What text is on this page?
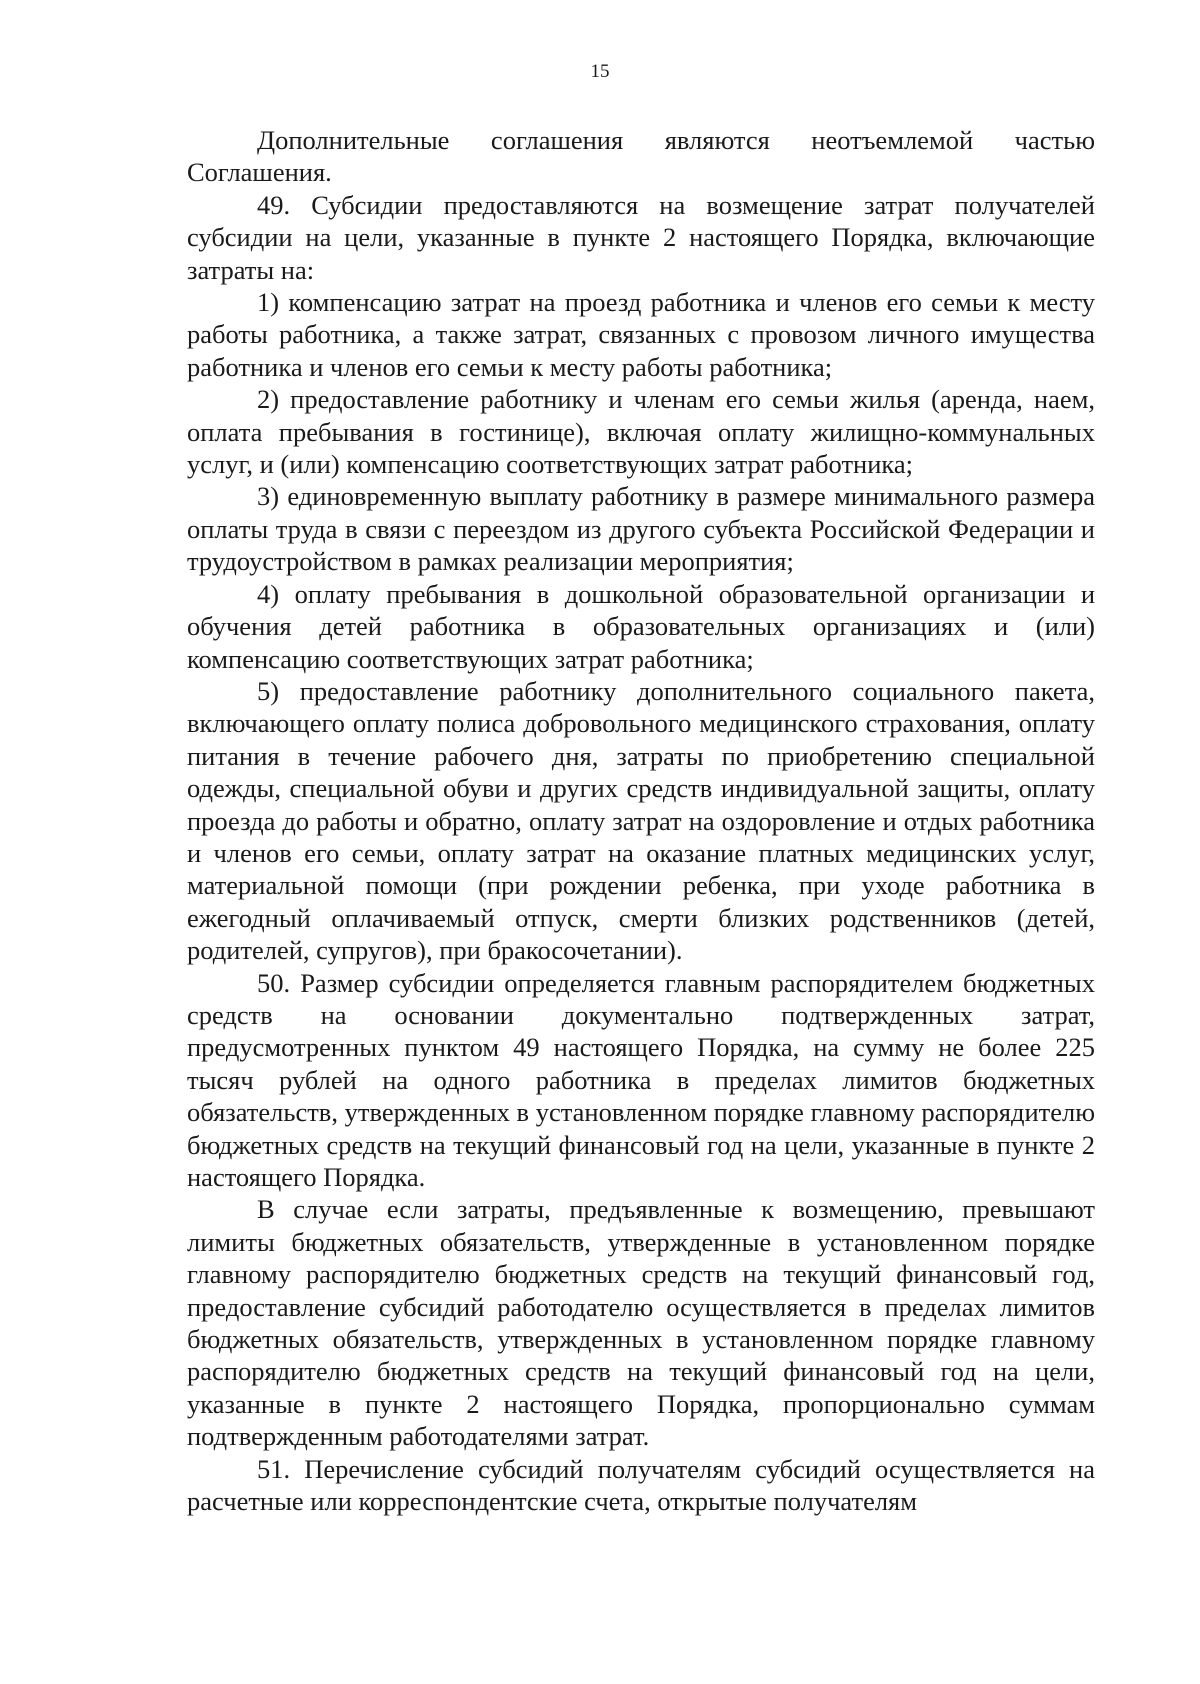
15

Дополнительные соглашения являются неотъемлемой частью Соглашения.

49. Субсидии предоставляются на возмещение затрат получателей субсидии на цели, указанные в пункте 2 настоящего Порядка, включающие затраты на:

1) компенсацию затрат на проезд работника и членов его семьи к месту работы работника, а также затрат, связанных с провозом личного имущества работника и членов его семьи к месту работы работника;

2) предоставление работнику и членам его семьи жилья (аренда, наем, оплата пребывания в гостинице), включая оплату жилищно-коммунальных услуг, и (или) компенсацию соответствующих затрат работника;

3) единовременную выплату работнику в размере минимального размера оплаты труда в связи с переездом из другого субъекта Российской Федерации и трудоустройством в рамках реализации мероприятия;

4) оплату пребывания в дошкольной образовательной организации и обучения детей работника в образовательных организациях и (или) компенсацию соответствующих затрат работника;

5) предоставление работнику дополнительного социального пакета, включающего оплату полиса добровольного медицинского страхования, оплату питания в течение рабочего дня, затраты по приобретению специальной одежды, специальной обуви и других средств индивидуальной защиты, оплату проезда до работы и обратно, оплату затрат на оздоровление и отдых работника и членов его семьи, оплату затрат на оказание платных медицинских услуг, материальной помощи (при рождении ребенка, при уходе работника в ежегодный оплачиваемый отпуск, смерти близких родственников (детей, родителей, супругов), при бракосочетании).

50. Размер субсидии определяется главным распорядителем бюджетных средств на основании документально подтвержденных затрат, предусмотренных пунктом 49 настоящего Порядка, на сумму не более 225 тысяч рублей на одного работника в пределах лимитов бюджетных обязательств, утвержденных в установленном порядке главному распорядителю бюджетных средств на текущий финансовый год на цели, указанные в пункте 2 настоящего Порядка.

В случае если затраты, предъявленные к возмещению, превышают лимиты бюджетных обязательств, утвержденные в установленном порядке главному распорядителю бюджетных средств на текущий финансовый год, предоставление субсидий работодателю осуществляется в пределах лимитов бюджетных обязательств, утвержденных в установленном порядке главному распорядителю бюджетных средств на текущий финансовый год на цели, указанные в пункте 2 настоящего Порядка, пропорционально суммам подтвержденным работодателями затрат.

51. Перечисление субсидий получателям субсидий осуществляется на расчетные или корреспондентские счета, открытые получателям
